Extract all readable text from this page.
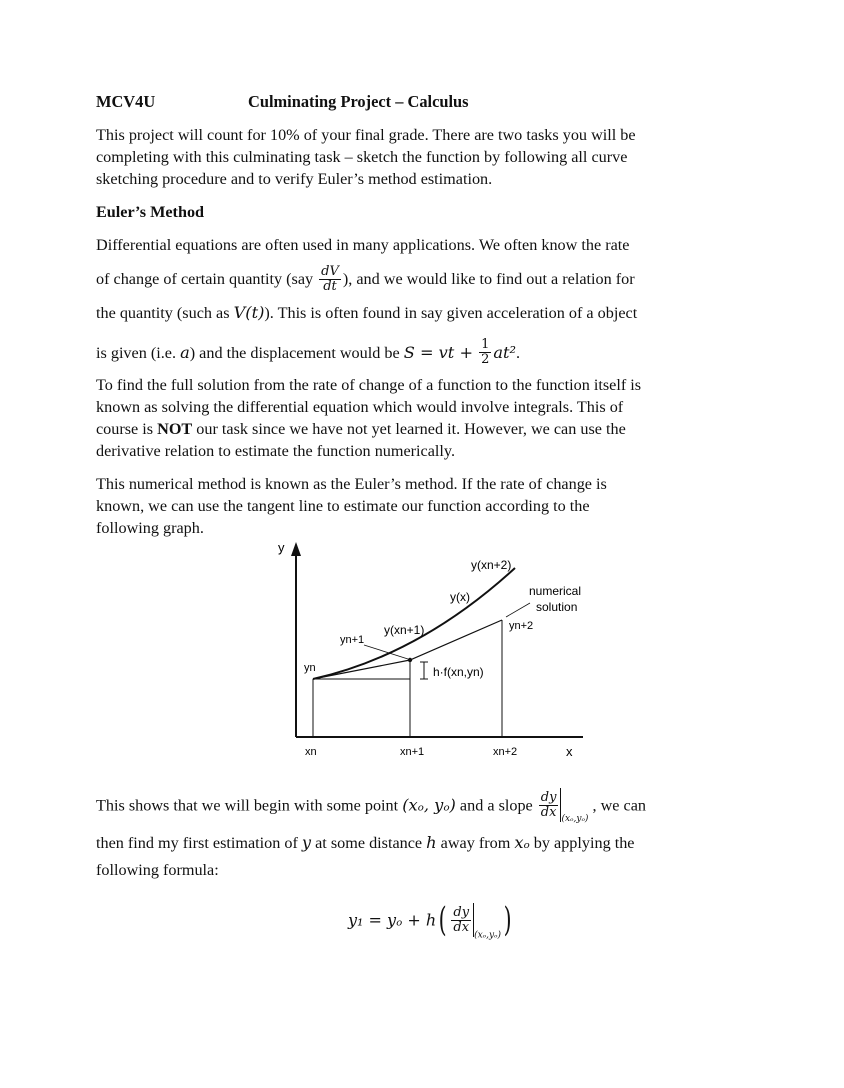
MCV4U	Culminating Project – Calculus

This project will count for 10% of your final grade. There are two tasks you will be

completing with this culminating task – sketch the function by following all curve

sketching procedure and to verify Euler’s method estimation.

Euler’s Method

Differential equations are often used in many applications. We often know the rate

of change of certain quantity ($say \frac{dV}{dt}$ ), and we would like to find out a relation for

the quantity (such as V(t)). This is often found in say given acceleration of a object

is given (i.e. a) and the displacement would be S = vt + $\frac{1}{2} at^2$.

To find the full solution from the rate of change of a function to the function itself is

known as solving the differential equation which would involve integrals. This of

course is NOT our task since we have not yet learned it. However, we can use the

derivative relation to estimate the function numerically.

This numerical method is known as the Euler’s method. If the rate of change is

known, we can use the tangent line to estimate our function according to the

following graph.

y
x
y(xn+2)
y(x)	numerical
solution
yn+2
y(xn+1)
yn+1
yn	h·f(xn,yn)
xn	xn+1	xn+2

This shows that we will begin with some point (xₒ, yₒ) and a slope $\frac{dy}{dx} _{(x_o,y_o)}$ , we can

then find my first estimation of y at some distance h away from xₒ by applying the

following formula:

$y_1 = y_o + h( \frac{dy}{dx}$
$_{(x_o,y_o)}$)
